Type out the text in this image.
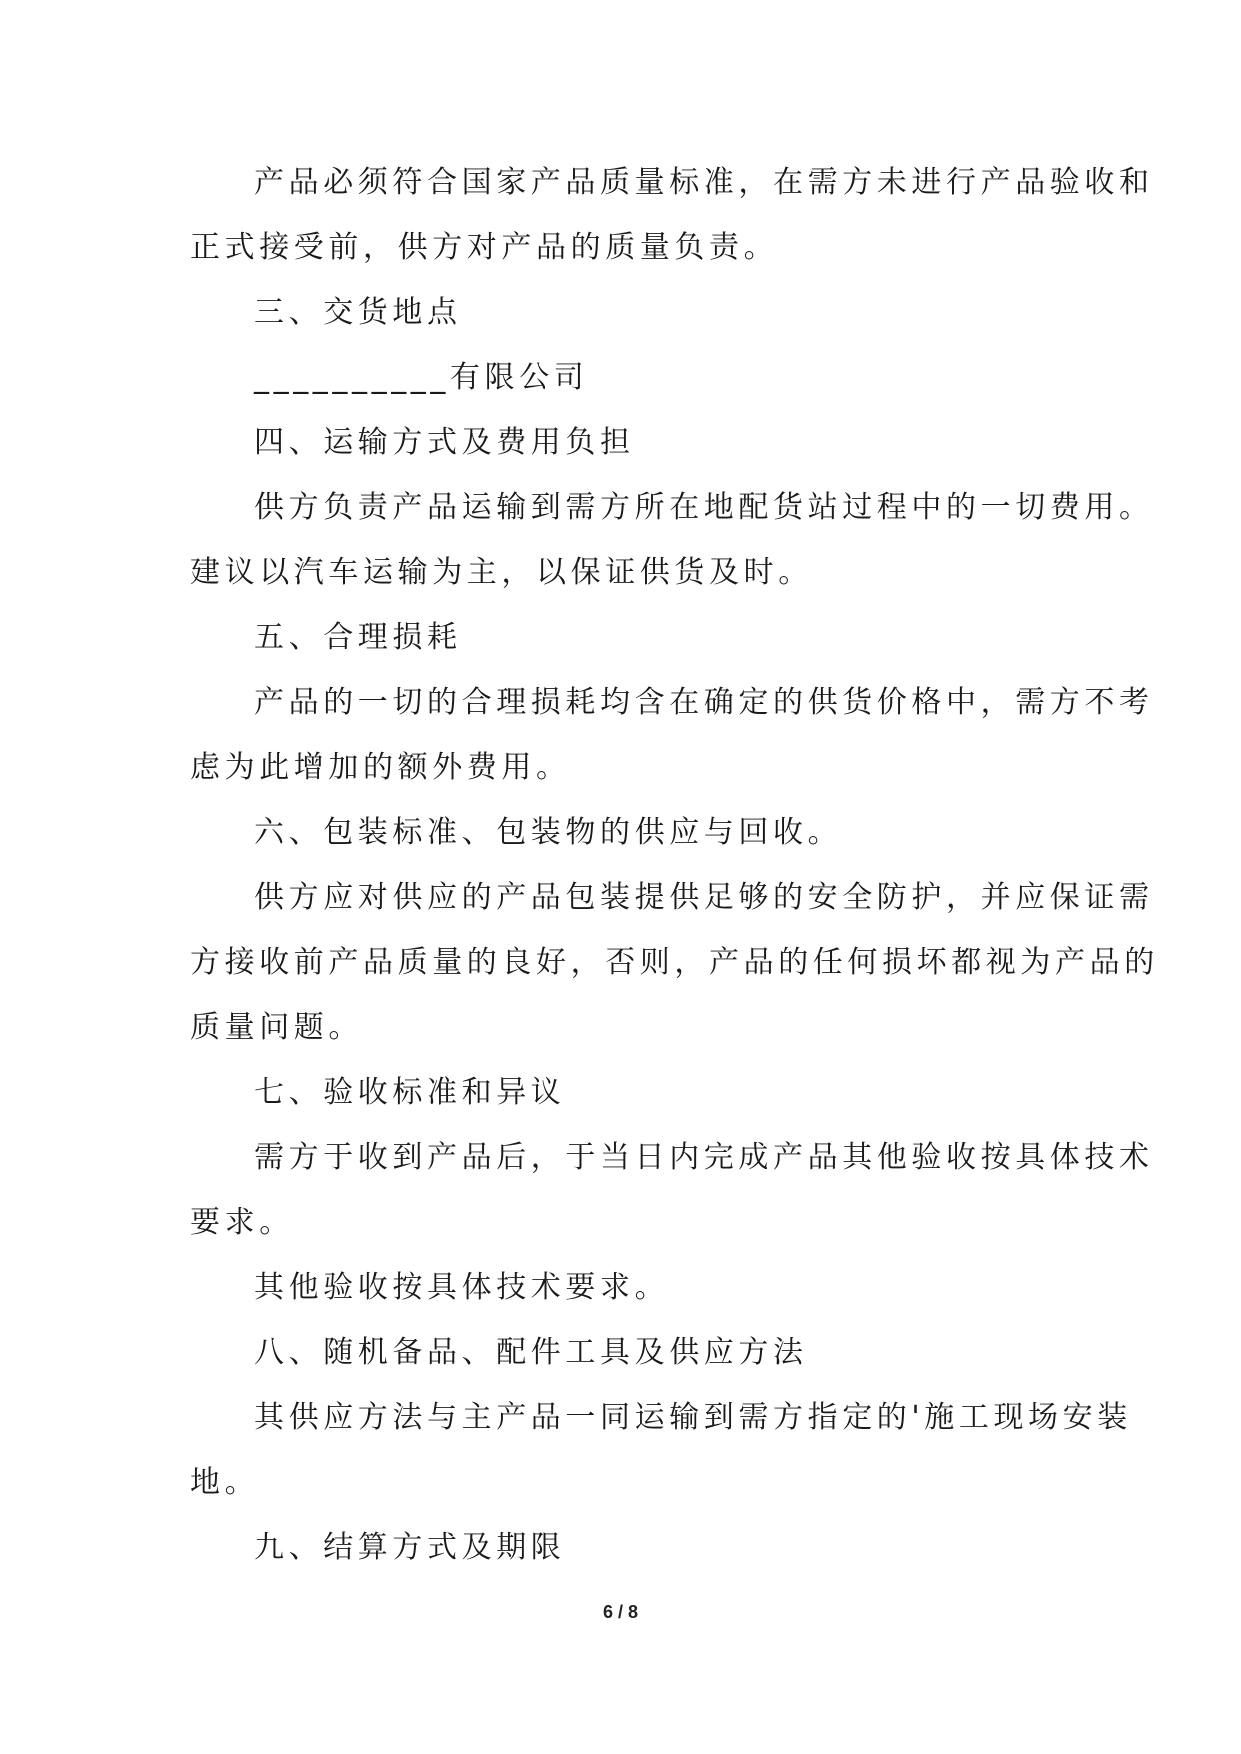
产品必须符合国家产品质量标准，在需方未进行产品验收和
正式接受前，供方对产品的质量负责。
三、交货地点
__________有限公司
四、运输方式及费用负担
供方负责产品运输到需方所在地配货站过程中的一切费用。
建议以汽车运输为主，以保证供货及时。
五、合理损耗
产品的一切的合理损耗均含在确定的供货价格中，需方不考
虑为此增加的额外费用。
六、包装标准、包装物的供应与回收。
供方应对供应的产品包装提供足够的安全防护，并应保证需
方接收前产品质量的良好，否则，产品的任何损坏都视为产品的
质量问题。
七、验收标准和异议
需方于收到产品后，于当日内完成产品其他验收按具体技术
要求。
其他验收按具体技术要求。
八、随机备品、配件工具及供应方法
其供应方法与主产品一同运输到需方指定的'施工现场安装
地。
九、结算方式及期限
6 / 8
